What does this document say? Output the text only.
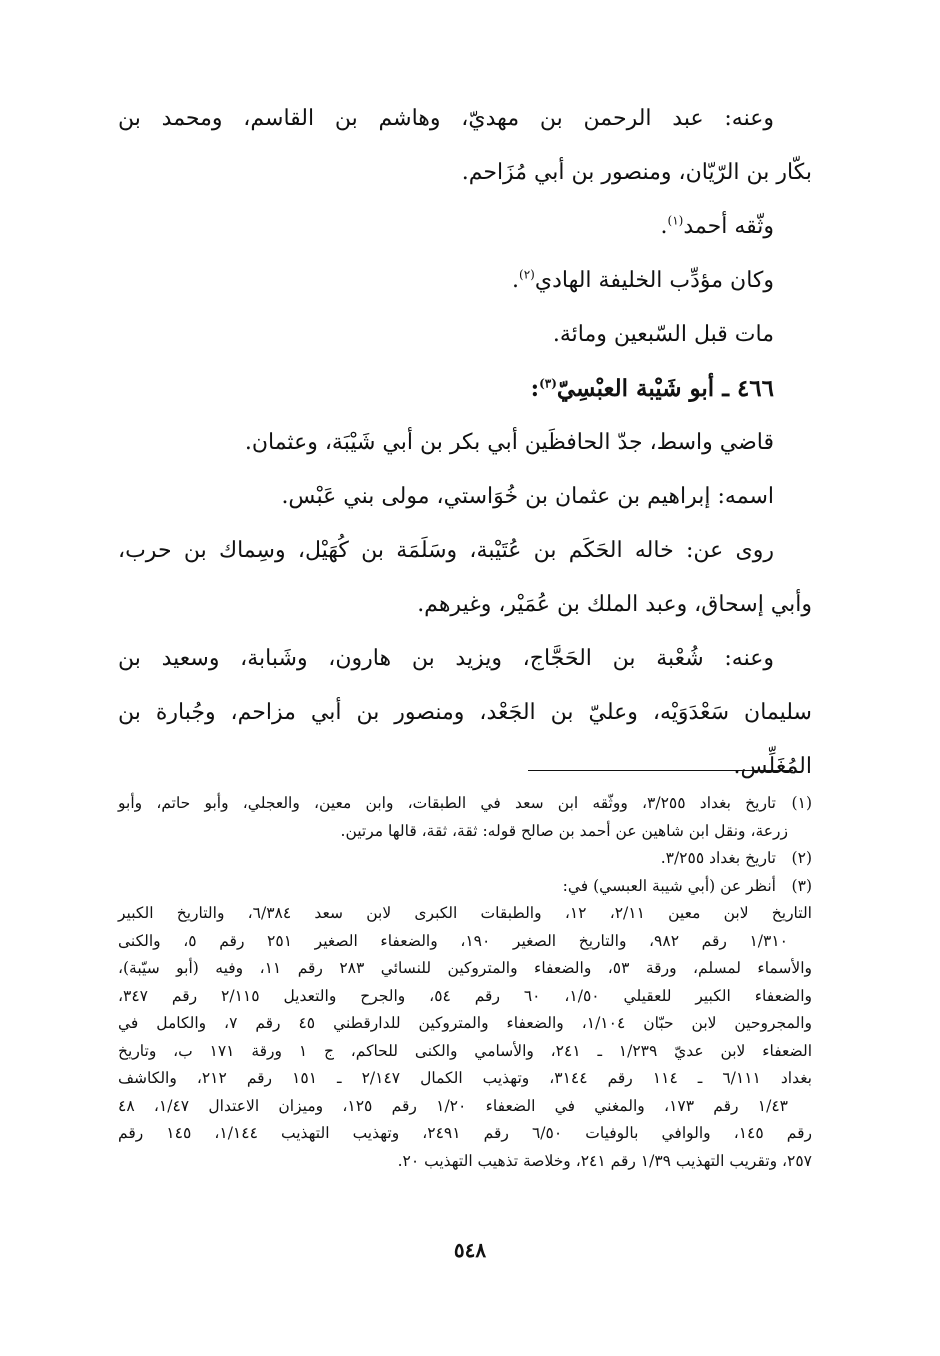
وعنه: عبد الرحمن بن مهديّ، وهاشم بن القاسم، ومحمد بن
بكّار بن الرّيّان، ومنصور بن أبي مُزَاحم.
وثّقه أحمد$^{(١)}$.
وكان مؤدِّب الخليفة الهادي$^{(٢)}$.
مات قبل السّبعين ومائة.
٤٦٦ ـ أبو شَيْبة العبْسِيّ$^{(٣)}$:
قاضي واسط، جدّ الحافظَين أبي بكر بن أبي شَيْبَة، وعثمان.
اسمه: إبراهيم بن عثمان بن خُوَاستي، مولى بني عَبْس.
روى عن: خاله الحَكَم بن عُتَيْبة، وسَلَمَة بن كُهَيْل، وسِماك بن حرب،
وأبي إسحاق، وعبد الملك بن عُمَيْر، وغيرهم.
وعنه: شُعْبة بن الحَجَّاج، ويزيد بن هارون، وشَبابة، وسعيد بن
سليمان سَعْدَوَيْه، وعليّ بن الجَعْد، ومنصور بن أبي مزاحم، وجُبارة بن
المُغَلِّس.
(١)
تاريخ بغداد ٣/٢٥٥، ووثّقه ابن سعد في الطبقات، وابن معين، والعجلي، وأبو حاتم، وأبو
زرعة، ونقل ابن شاهين عن أحمد بن صالح قوله: ثقة، ثقة، قالها مرتين.
(٢)
تاريخ بغداد ٣/٢٥٥.
(٣)
أنظر عن (أبي شيبة العبسي) في:
التاريخ لابن معين ٢/١١، ١٢، والطبقات الكبرى لابن سعد ٦/٣٨٤، والتاريخ الكبير
١/٣١٠ رقم ٩٨٢، والتاريخ الصغير ١٩٠، والضعفاء الصغير ٢٥١ رقم ٥، والكنى
والأسماء لمسلم، ورقة ٥٣، والضعفاء والمتروكين للنسائي ٢٨٣ رقم ١١، وفيه (أبو سيّبة)،
والضعفاء الكبير للعقيلي ١/٥٠، ٦٠ رقم ٥٤، والجرح والتعديل ٢/١١٥ رقم ٣٤٧،
والمجروحين لابن حبّان ١/١٠٤، والضعفاء والمتروكين للدارقطني ٤٥ رقم ٧، والكامل في
الضعفاء لابن عديّ ١/٢٣٩ ـ ٢٤١، والأسامي والكنى للحاكم، ج ١ ورقة ١٧١ ب، وتاريخ
بغداد ٦/١١١ ـ ١١٤ رقم ٣١٤٤، وتهذيب الكمال ٢/١٤٧ ـ ١٥١ رقم ٢١٢، والكاشف
١/٤٣ رقم ١٧٣، والمغني في الضعفاء ١/٢٠ رقم ١٢٥، وميزان الاعتدال ١/٤٧، ٤٨
رقم ١٤٥، والوافي بالوفيات ٦/٥٠ رقم ٢٤٩١، وتهذيب التهذيب ١/١٤٤، ١٤٥ رقم
٢٥٧، وتقريب التهذيب ١/٣٩ رقم ٢٤١، وخلاصة تذهيب التهذيب ٢٠.
٥٤٨
